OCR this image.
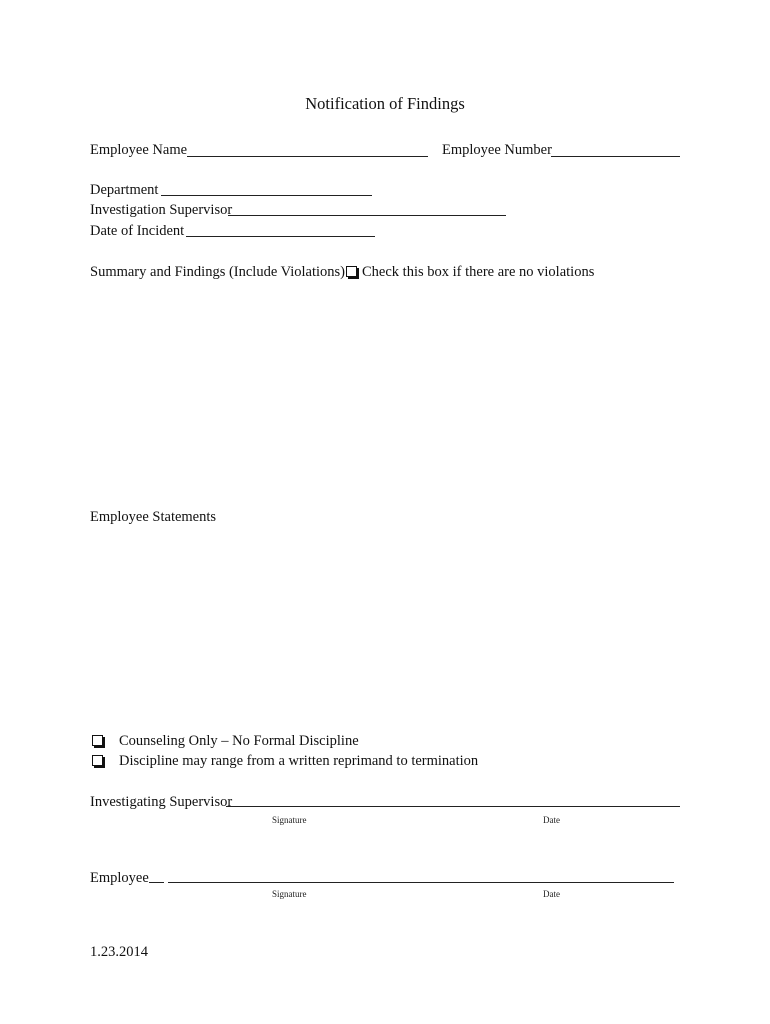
Notification of Findings
Employee Name	Employee Number
Department
Investigation Supervisor
Date of Incident
Summary and Findings (Include Violations) Check this box if there are no violations
Employee Statements
Counseling Only – No Formal Discipline
Discipline may range from a written reprimand to termination
Investigating Supervisor
Signature	Date
Employee
Signature	Date
1.23.2014
